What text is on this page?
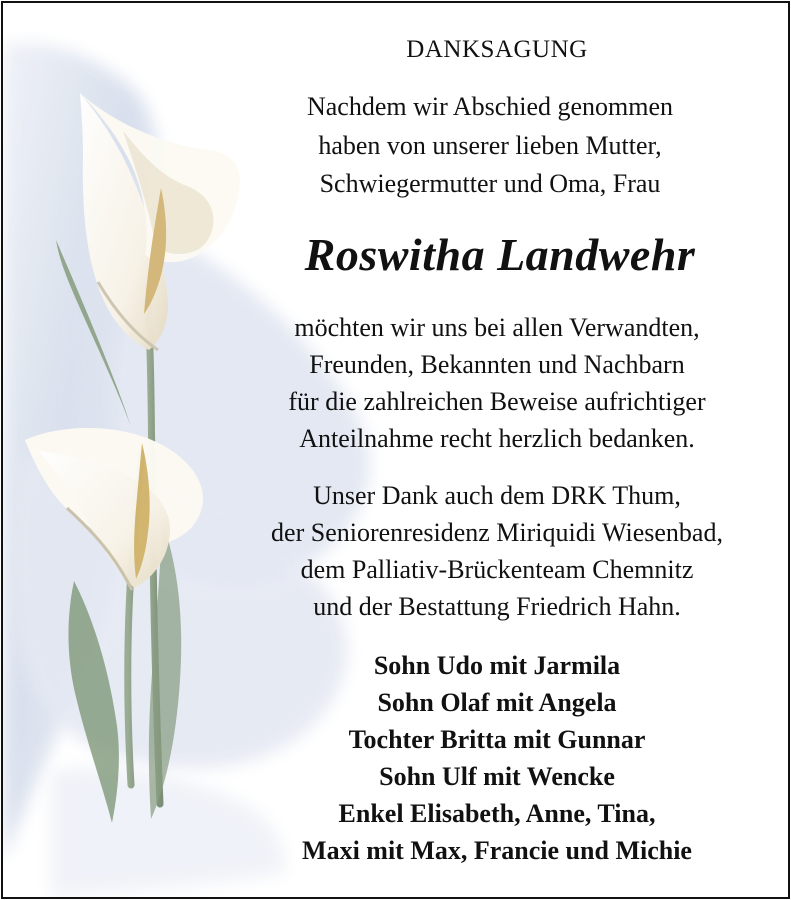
DANKSAGUNG
Nachdem wir Abschied genommen
haben von unserer lieben Mutter,
Schwiegermutter und Oma, Frau
Roswitha Landwehr
möchten wir uns bei allen Verwandten,
Freunden, Bekannten und Nachbarn
für die zahlreichen Beweise aufrichtiger
Anteilnahme recht herzlich bedanken.
Unser Dank auch dem DRK Thum,
der Seniorenresidenz Miriquidi Wiesenbad,
dem Palliativ-Brückenteam Chemnitz
und der Bestattung Friedrich Hahn.
Sohn Udo mit Jarmila
Sohn Olaf mit Angela
Tochter Britta mit Gunnar
Sohn Ulf mit Wencke
Enkel Elisabeth, Anne, Tina,
Maxi mit Max, Francie und Michie
